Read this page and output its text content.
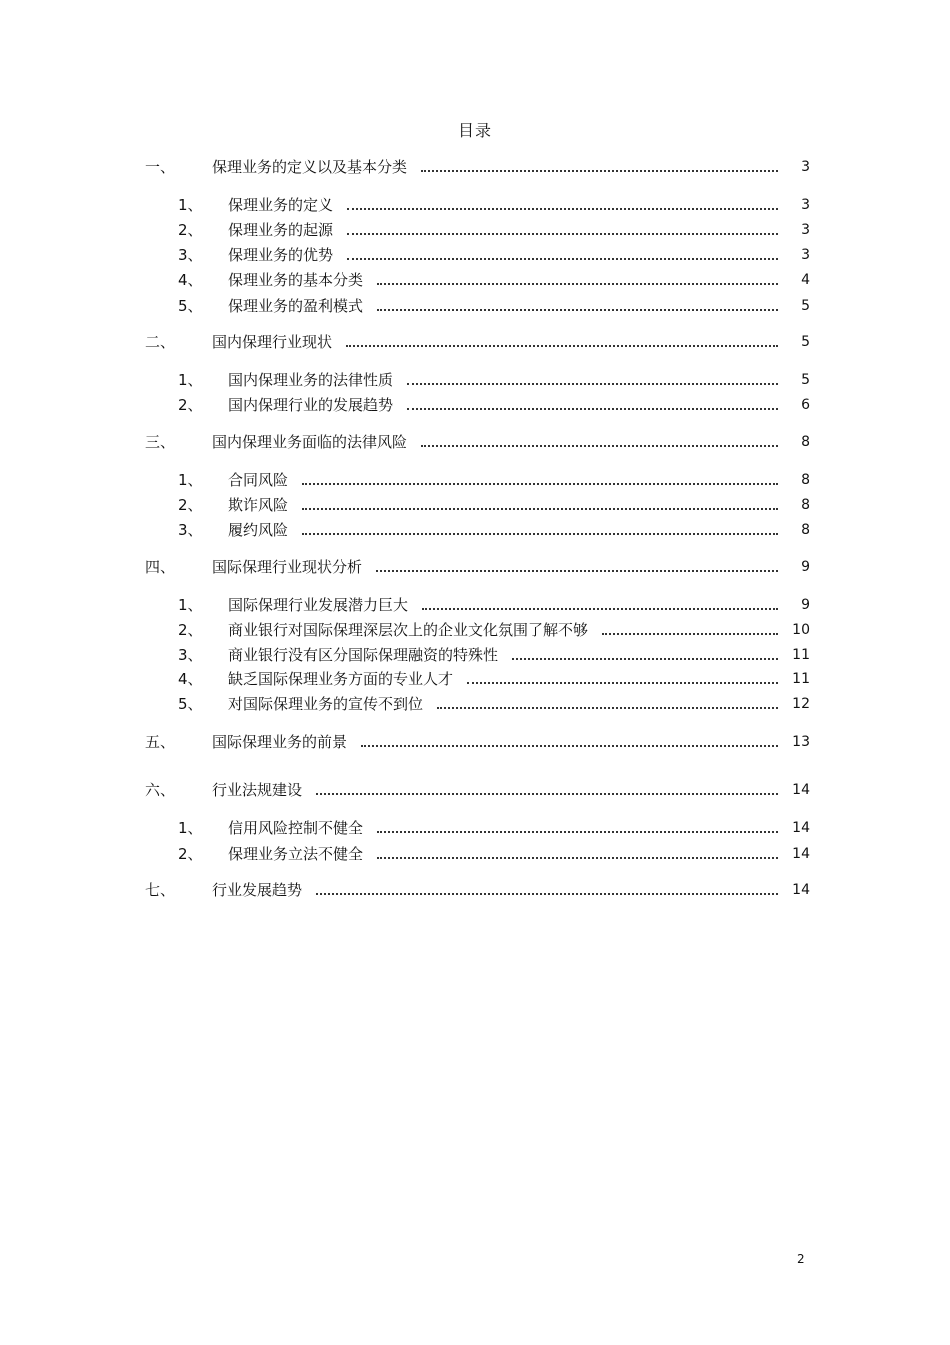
目录
一、 保理业务的定义以及基本分类	3
1、 保理业务的定义	3
2、 保理业务的起源	3
3、 保理业务的优势	3
4、 保理业务的基本分类	4
5、 保理业务的盈利模式	5
二、 国内保理行业现状	5
1、 国内保理业务的法律性质	5
2、 国内保理行业的发展趋势	6
三、 国内保理业务面临的法律风险	8
1、 合同风险	8
2、 欺诈风险	8
3、 履约风险	8
四、 国际保理行业现状分析	9
1、 国际保理行业发展潜力巨大	9
2、 商业银行对国际保理深层次上的企业文化氛围了解不够	10
3、 商业银行没有区分国际保理融资的特殊性	11
4、 缺乏国际保理业务方面的专业人才	11
5、 对国际保理业务的宣传不到位	12
五、 国际保理业务的前景	13
六、 行业法规建设	14
1、 信用风险控制不健全	14
2、 保理业务立法不健全	14
七、 行业发展趋势	14
2
